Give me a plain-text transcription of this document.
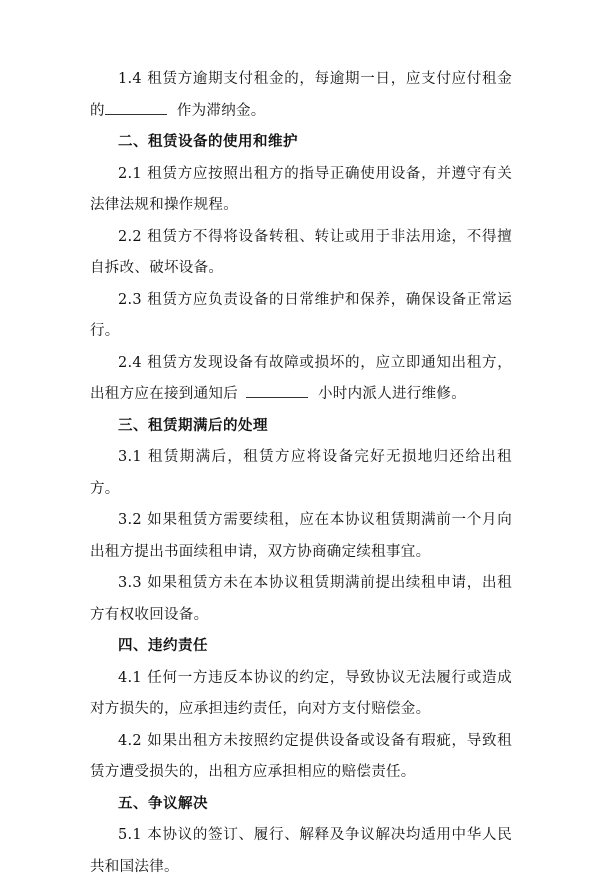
1.4 租赁方逾期支付租金的，每逾期一日，应支付应付租金的	作为滞纳金。

二、租赁设备的使用和维护

2.1 租赁方应按照出租方的指导正确使用设备，并遵守有关法律法规和操作规程。

2.2 租赁方不得将设备转租、转让或用于非法用途，不得擅自拆改、破坏设备。

2.3 租赁方应负责设备的日常维护和保养，确保设备正常运行。

2.4 租赁方发现设备有故障或损坏的，应立即通知出租方，出租方应在接到通知后	小时内派人进行维修。

三、租赁期满后的处理

3.1 租赁期满后，租赁方应将设备完好无损地归还给出租方。

3.2 如果租赁方需要续租，应在本协议租赁期满前一个月向出租方提出书面续租申请，双方协商确定续租事宜。

3.3 如果租赁方未在本协议租赁期满前提出续租申请，出租方有权收回设备。

四、违约责任

4.1 任何一方违反本协议的约定，导致协议无法履行或造成对方损失的，应承担违约责任，向对方支付赔偿金。

4.2 如果出租方未按照约定提供设备或设备有瑕疵，导致租赁方遭受损失的，出租方应承担相应的赔偿责任。

五、争议解决

5.1 本协议的签订、履行、解释及争议解决均适用中华人民共和国法律。
